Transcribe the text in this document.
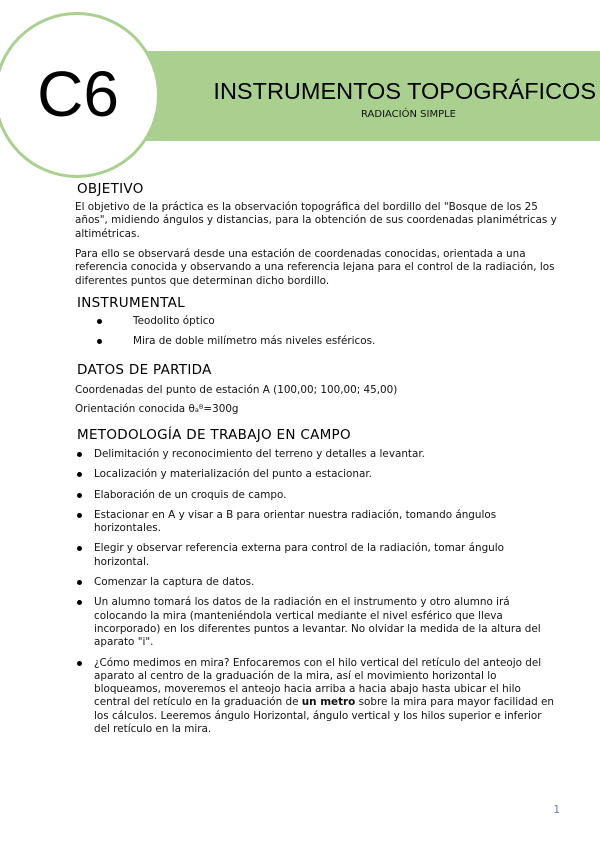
C6	INSTRUMENTOS TOPOGRÁFICOS
RADIACIÓN SIMPLE
OBJETIVO

El objetivo de la práctica es la observación topográfica del bordillo del "Bosque de los 25 años", midiendo ángulos y distancias, para la obtención de sus coordenadas planimétricas y altimétricas.

Para ello se observará desde una estación de coordenadas conocidas, orientada a una referencia conocida y observando a una referencia lejana para el control de la radiación, los diferentes puntos que determinan dicho bordillo.

INSTRUMENTAL
Teodolito óptico
Mira de doble milímetro más niveles esféricos.
DATOS DE PARTIDA

Coordenadas del punto de estación A (100,00; 100,00; 45,00)

Orientación conocida θₐᴮ=300g

METODOLOGÍA DE TRABAJO EN CAMPO
Delimitación y reconocimiento del terreno y detalles a levantar.
Localización y materialización del punto a estacionar.
Elaboración de un croquis de campo.
Estacionar en A y visar a B para orientar nuestra radiación, tomando ángulos horizontales.
Elegir y observar referencia externa para control de la radiación, tomar ángulo horizontal.
Comenzar la captura de datos.
Un alumno tomará los datos de la radiación en el instrumento y otro alumno irá colocando la mira (manteniéndola vertical mediante el nivel esférico que lleva incorporado) en los diferentes puntos a levantar. No olvidar la medida de la altura del aparato "i".
¿Cómo medimos en mira? Enfocaremos con el hilo vertical del retículo del anteojo del aparato al centro de la graduación de la mira, así el movimiento horizontal lo bloqueamos, moveremos el anteojo hacia arriba a hacia abajo hasta ubicar el hilo central del retículo en la graduación de un metro sobre la mira para mayor facilidad en los cálculos. Leeremos ángulo Horizontal, ángulo vertical y los hilos superior e inferior del retículo en la mira.
1
